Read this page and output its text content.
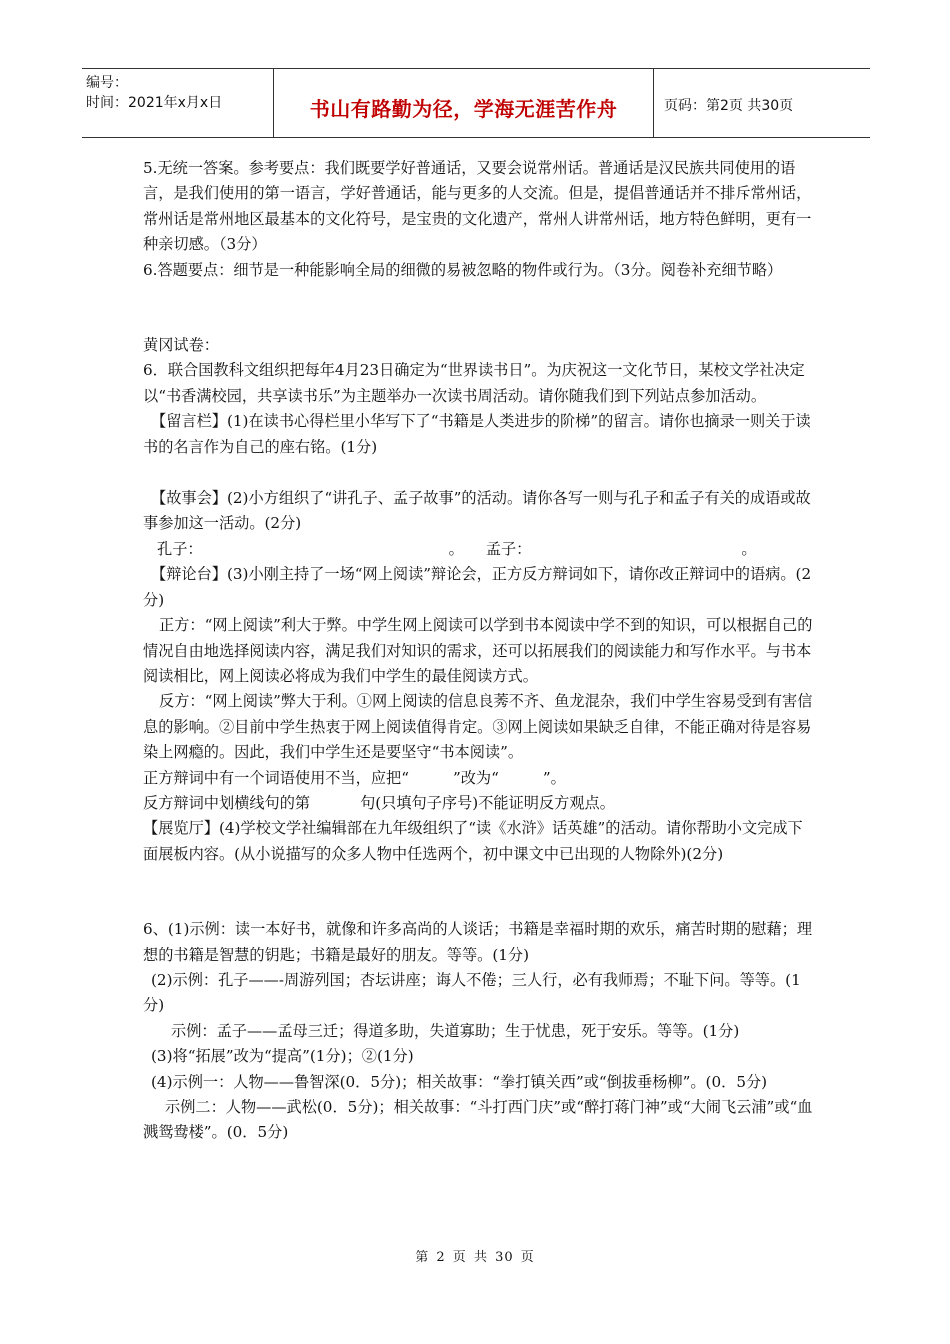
编号：
时间：2021年x月x日	书山有路勤为径，学海无涯苦作舟	页码：第2页 共30页

5.无统一答案。参考要点：我们既要学好普通话，又要会说常州话。普通话是汉民族共同使用的语言，是我们使用的第一语言，学好普通话，能与更多的人交流。但是，提倡普通话并不排斥常州话，常州话是常州地区最基本的文化符号，是宝贵的文化遗产，常州人讲常州话，地方特色鲜明，更有一种亲切感。（3分）

6.答题要点：细节是一种能影响全局的细微的易被忽略的物件或行为。（3分。阅卷补充细节略）

黄冈试卷：

6．联合国教科文组织把每年4月23日确定为“世界读书日”。为庆祝这一文化节日，某校文学社决定以“书香满校园，共享读书乐”为主题举办一次读书周活动。请你随我们到下列站点参加活动。

【留言栏】(1)在读书心得栏里小华写下了“书籍是人类进步的阶梯”的留言。请你也摘录一则关于读书的名言作为自己的座右铭。(1分)

【故事会】(2)小方组织了“讲孔子、孟子故事”的活动。请你各写一则与孔子和孟子有关的成语或故事参加这一活动。(2分)

孔子：	。 孟子：	。

【辩论台】(3)小刚主持了一场“网上阅读”辩论会，正方反方辩词如下，请你改正辩词中的语病。(2分)

正方：“网上阅读”利大于弊。中学生网上阅读可以学到书本阅读中学不到的知识，可以根据自己的情况自由地选择阅读内容，满足我们对知识的需求，还可以拓展我们的阅读能力和写作水平。与书本阅读相比，网上阅读必将成为我们中学生的最佳阅读方式。

反方：“网上阅读”弊大于利。①网上阅读的信息良莠不齐、鱼龙混杂，我们中学生容易受到有害信息的影响。②目前中学生热衷于网上阅读值得肯定。③网上阅读如果缺乏自律，不能正确对待是容易染上网瘾的。因此，我们中学生还是要坚守“书本阅读”。

正方辩词中有一个词语使用不当，应把“	”改为“	”。

反方辩词中划横线句的第	句(只填句子序号)不能证明反方观点。

【展览厅】(4)学校文学社编辑部在九年级组织了“读《水浒》话英雄”的活动。请你帮助小文完成下面展板内容。(从小说描写的众多人物中任选两个，初中课文中已出现的人物除外)(2分)

6、(1)示例：读一本好书，就像和许多高尚的人谈话；书籍是幸福时期的欢乐，痛苦时期的慰藉；理想的书籍是智慧的钥匙；书籍是最好的朋友。等等。(1分)

(2)示例：孔子——-周游列国；杏坛讲座；诲人不倦；三人行，必有我师焉；不耻下问。等等。(1分)

示例：孟子——孟母三迁；得道多助，失道寡助；生于忧患，死于安乐。等等。(1分)

(3)将“拓展”改为“提高”(1分)；②(1分)

(4)示例一：人物——鲁智深(0．5分)；相关故事：“拳打镇关西”或“倒拔垂杨柳”。(0．5分)

示例二：人物——武松(0．5分)；相关故事：“斗打西门庆”或“醉打蒋门神”或“大闹飞云浦”或“血溅鸳鸯楼”。(0．5分)

第 2 页 共 30 页
